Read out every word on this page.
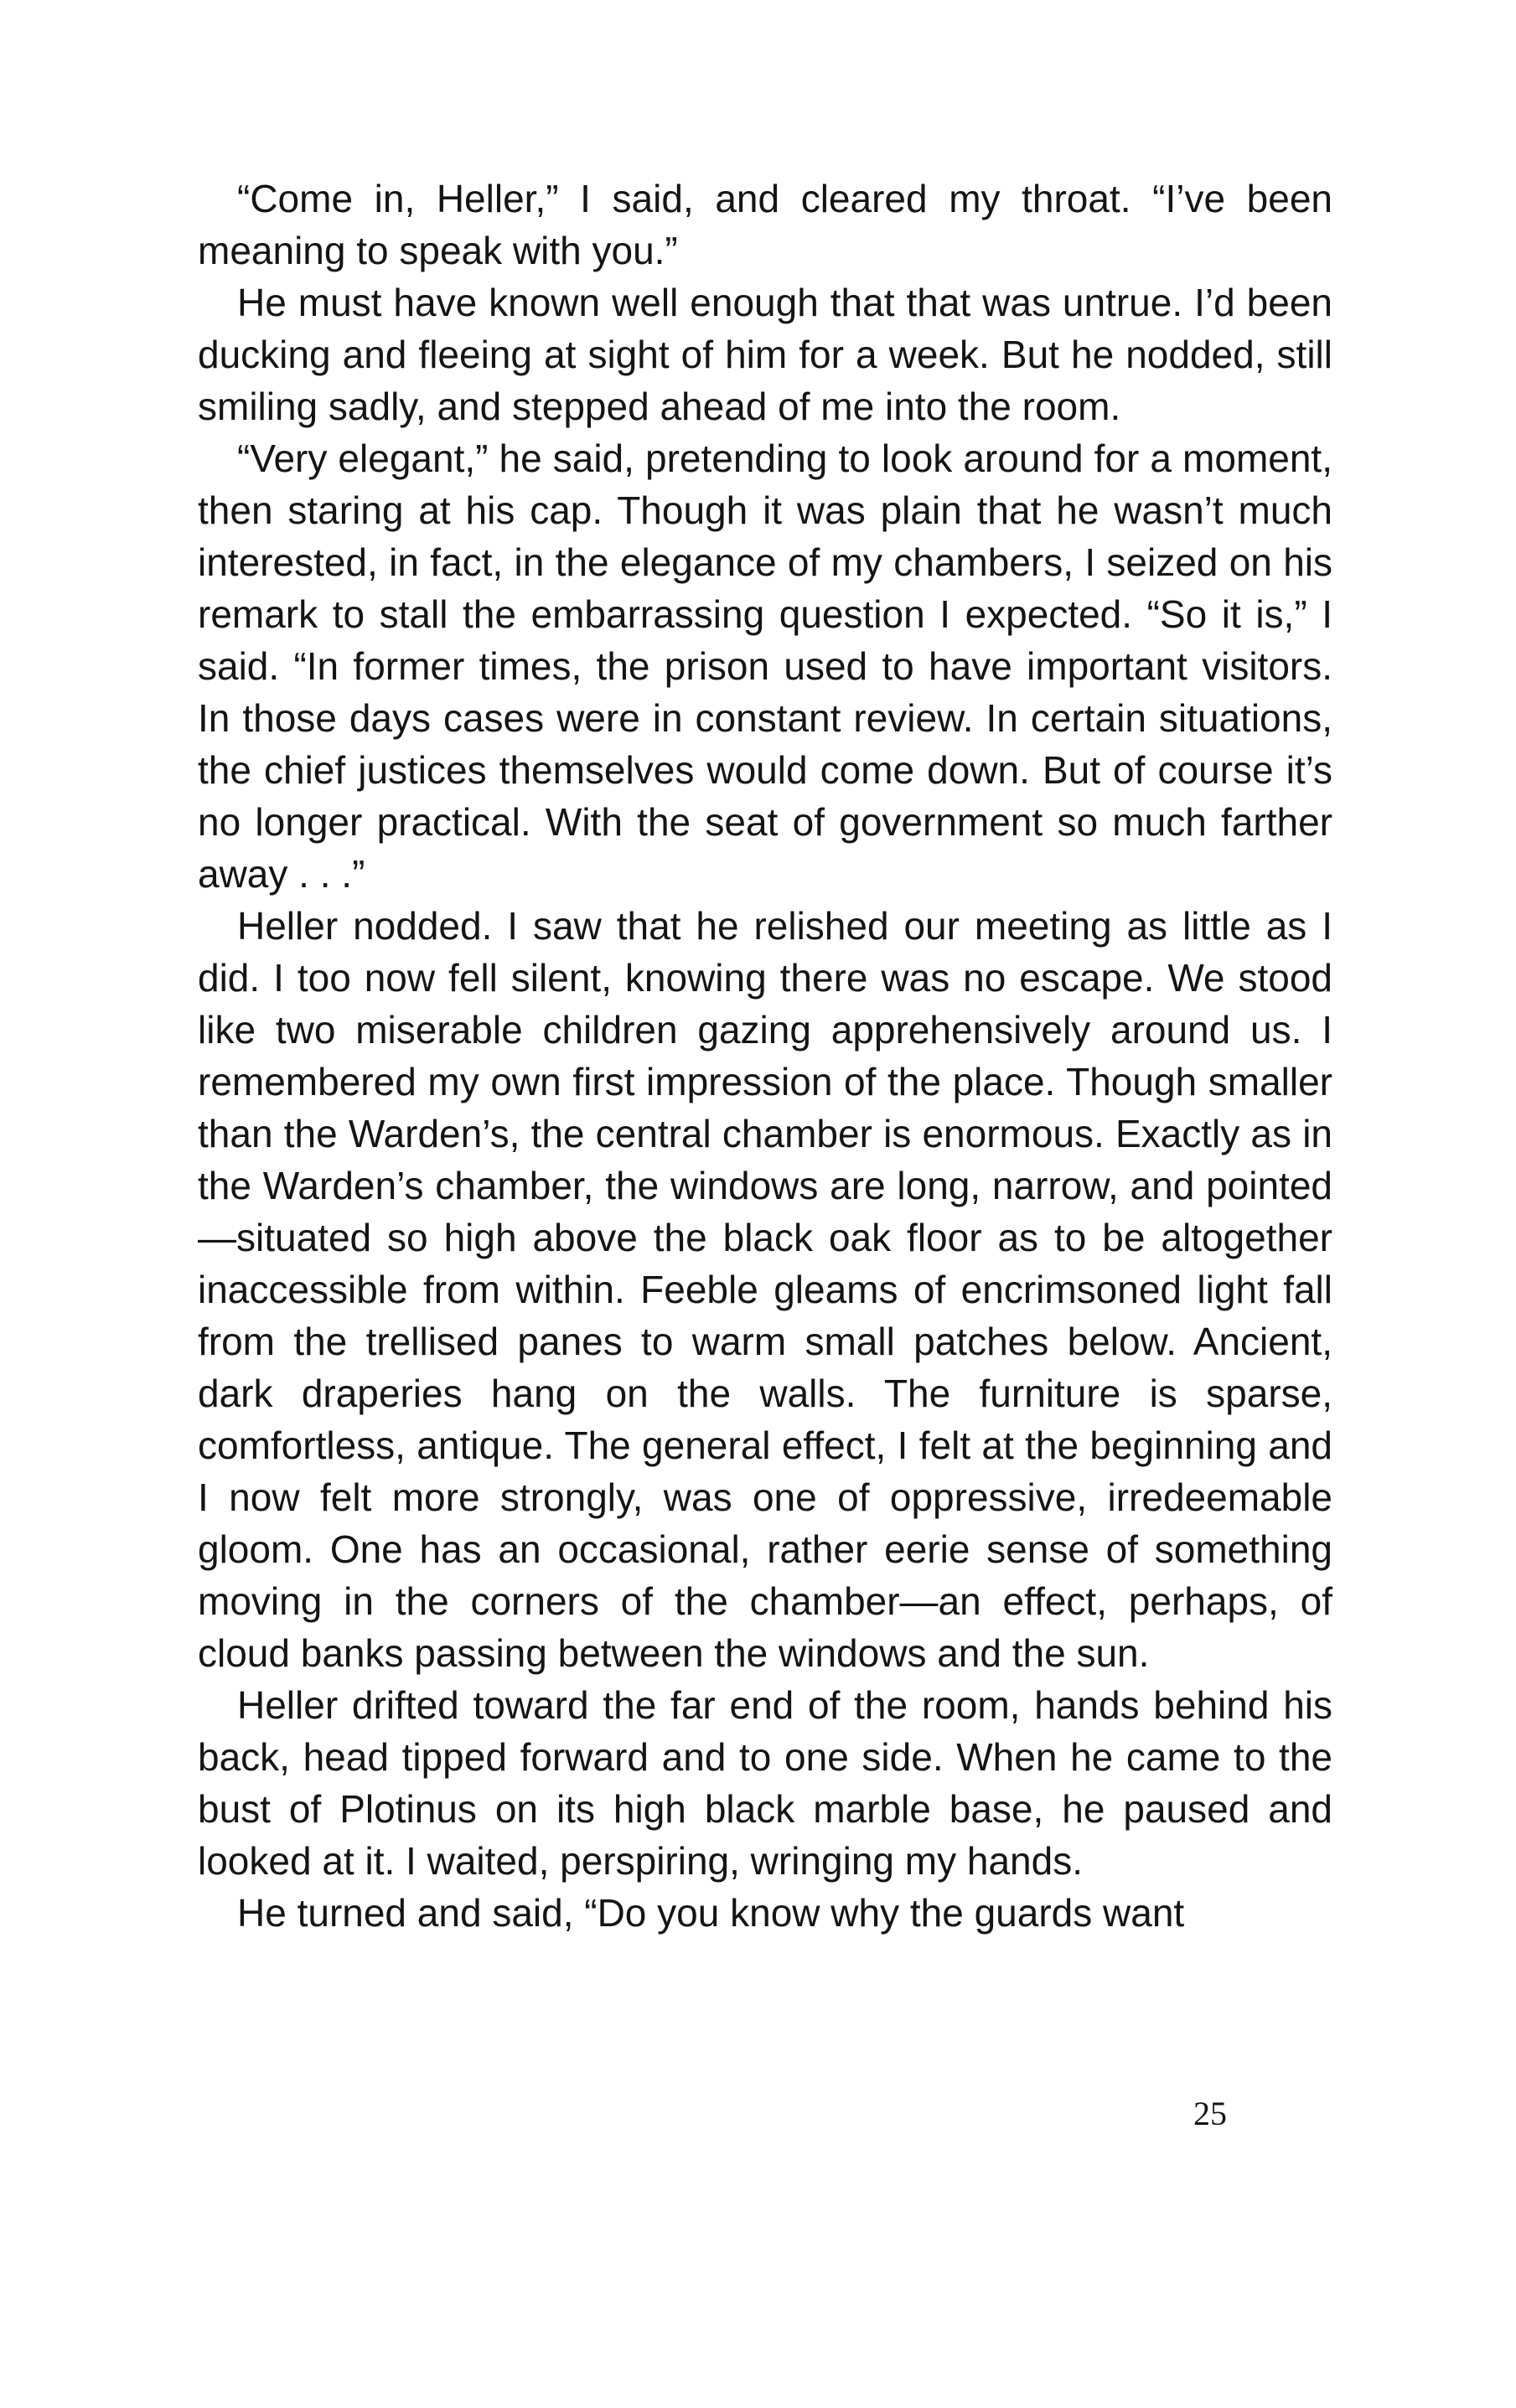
“Come in, Heller,” I said, and cleared my throat. “I’ve been meaning to speak with you.”

He must have known well enough that that was untrue. I’d been ducking and fleeing at sight of him for a week. But he nodded, still smiling sadly, and stepped ahead of me into the room.

“Very elegant,” he said, pretending to look around for a moment, then staring at his cap. Though it was plain that he wasn’t much interested, in fact, in the elegance of my chambers, I seized on his remark to stall the embarrassing question I expected. “So it is,” I said. “In former times, the prison used to have important visitors. In those days cases were in constant review. In certain situations, the chief justices themselves would come down. But of course it’s no longer practical. With the seat of government so much farther away . . .”

Heller nodded. I saw that he relished our meeting as little as I did. I too now fell silent, knowing there was no escape. We stood like two miserable children gazing apprehensively around us. I remembered my own first impression of the place. Though smaller than the Warden’s, the central chamber is enormous. Exactly as in the Warden’s chamber, the windows are long, narrow, and pointed—situated so high above the black oak floor as to be altogether inaccessible from within. Feeble gleams of encrimsoned light fall from the trellised panes to warm small patches below. Ancient, dark draperies hang on the walls. The furniture is sparse, comfortless, antique. The general effect, I felt at the beginning and I now felt more strongly, was one of oppressive, irredeemable gloom. One has an occasional, rather eerie sense of something moving in the corners of the chamber—an effect, perhaps, of cloud banks passing between the windows and the sun.

Heller drifted toward the far end of the room, hands behind his back, head tipped forward and to one side. When he came to the bust of Plotinus on its high black marble base, he paused and looked at it. I waited, perspiring, wringing my hands.

He turned and said, “Do you know why the guards want

25
